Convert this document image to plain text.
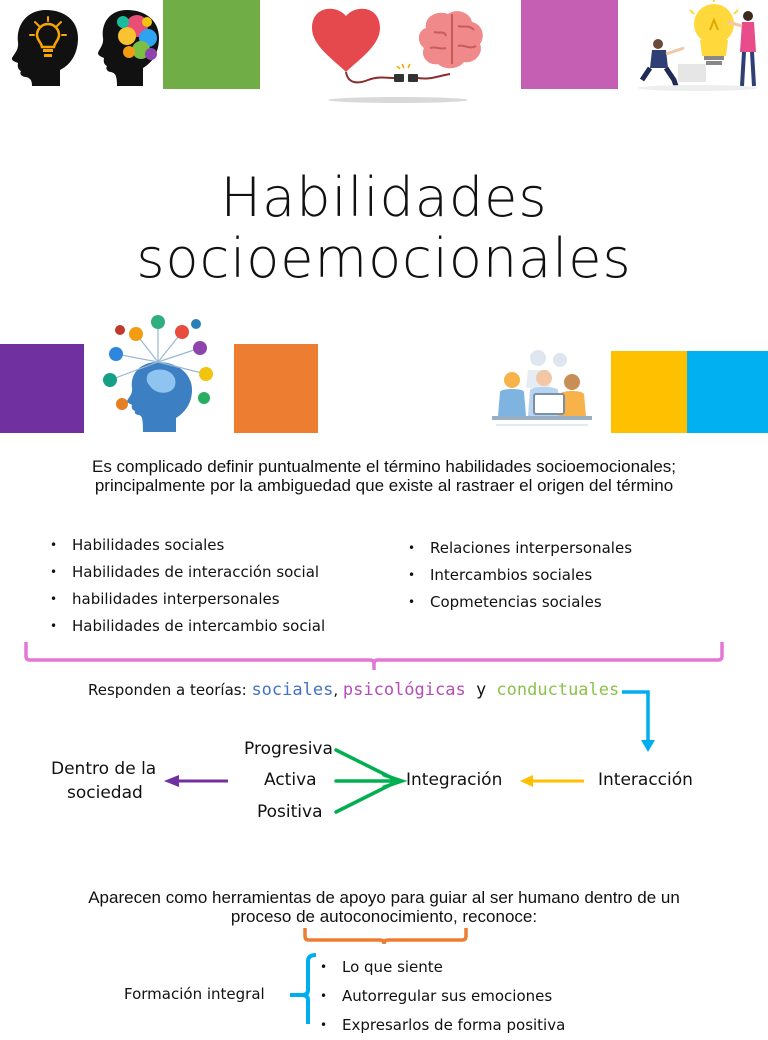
Habilidades
socioemocionales
Es complicado definir puntualmente el término habilidades socioemocionales;
principalmente por la ambiguedad que existe al rastraer el origen del término
• Habilidades sociales
• Habilidades de interacción social
• habilidades interpersonales
• Habilidades de intercambio social
• Relaciones interpersonales
• Intercambios sociales
• Copmetencias sociales
Responden a teorías: sociales, psicológicas y conductuales
Progresiva
Activa
Positiva
Integración	Interacción
Dentro de la
sociedad
Aparecen como herramientas de apoyo para guiar al ser humano dentro de un
proceso de autoconocimiento, reconoce:
Formación integral
• Lo que siente
• Autorregular sus emociones
• Expresarlos de forma positiva
